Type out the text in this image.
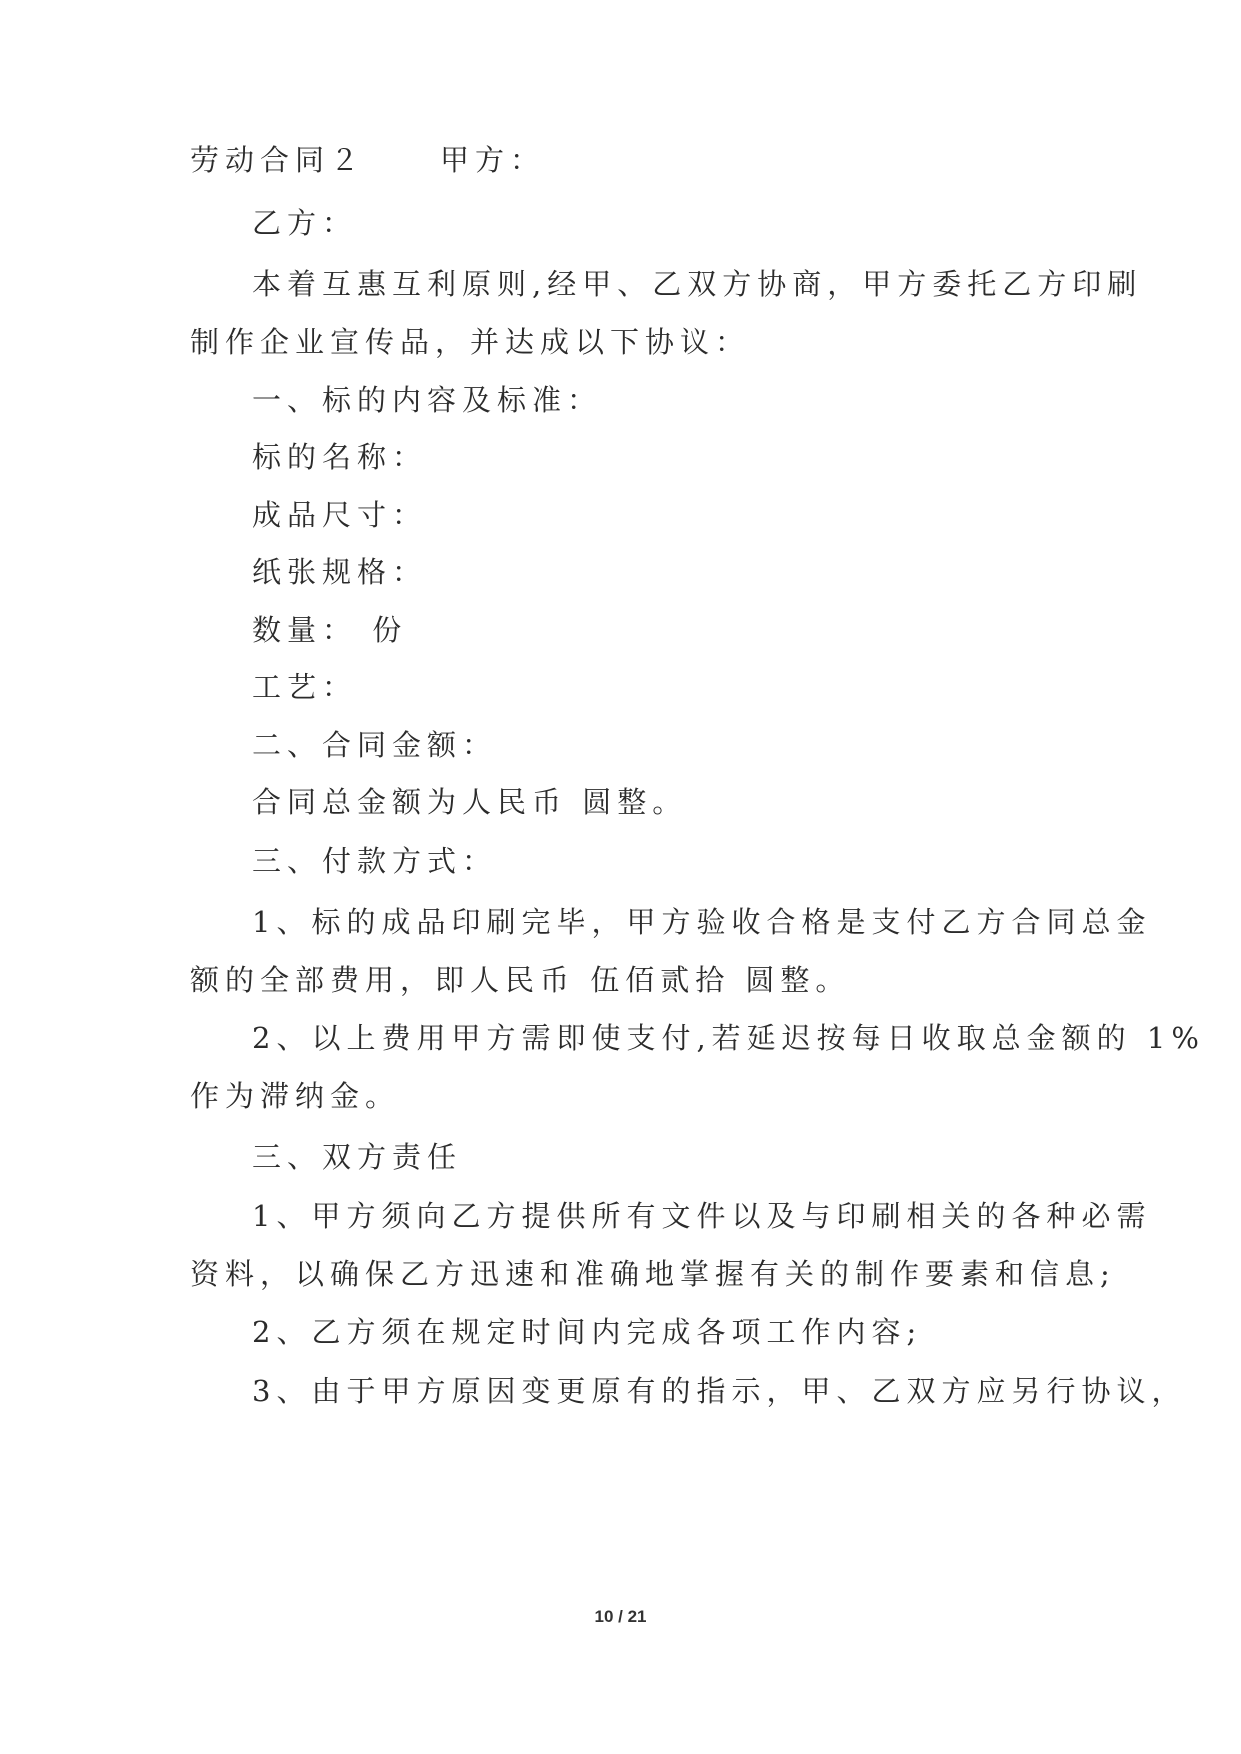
劳动合同２	甲方：
乙方：
本着互惠互利原则,经甲、乙双方协商，甲方委托乙方印刷
制作企业宣传品，并达成以下协议：
一、标的内容及标准：
标的名称：
成品尺寸：
纸张规格：
数量： 份
工艺：
二、合同金额：
合同总金额为人民币 圆整。
三、付款方式：
1、标的成品印刷完毕，甲方验收合格是支付乙方合同总金
额的全部费用，即人民币 伍佰贰拾 圆整。
2、以上费用甲方需即使支付,若延迟按每日收取总金额的 1%
作为滞纳金。
三、双方责任
1、甲方须向乙方提供所有文件以及与印刷相关的各种必需
资料，以确保乙方迅速和准确地掌握有关的制作要素和信息;
2、乙方须在规定时间内完成各项工作内容;
3、由于甲方原因变更原有的指示，甲、乙双方应另行协议，
10 / 21
